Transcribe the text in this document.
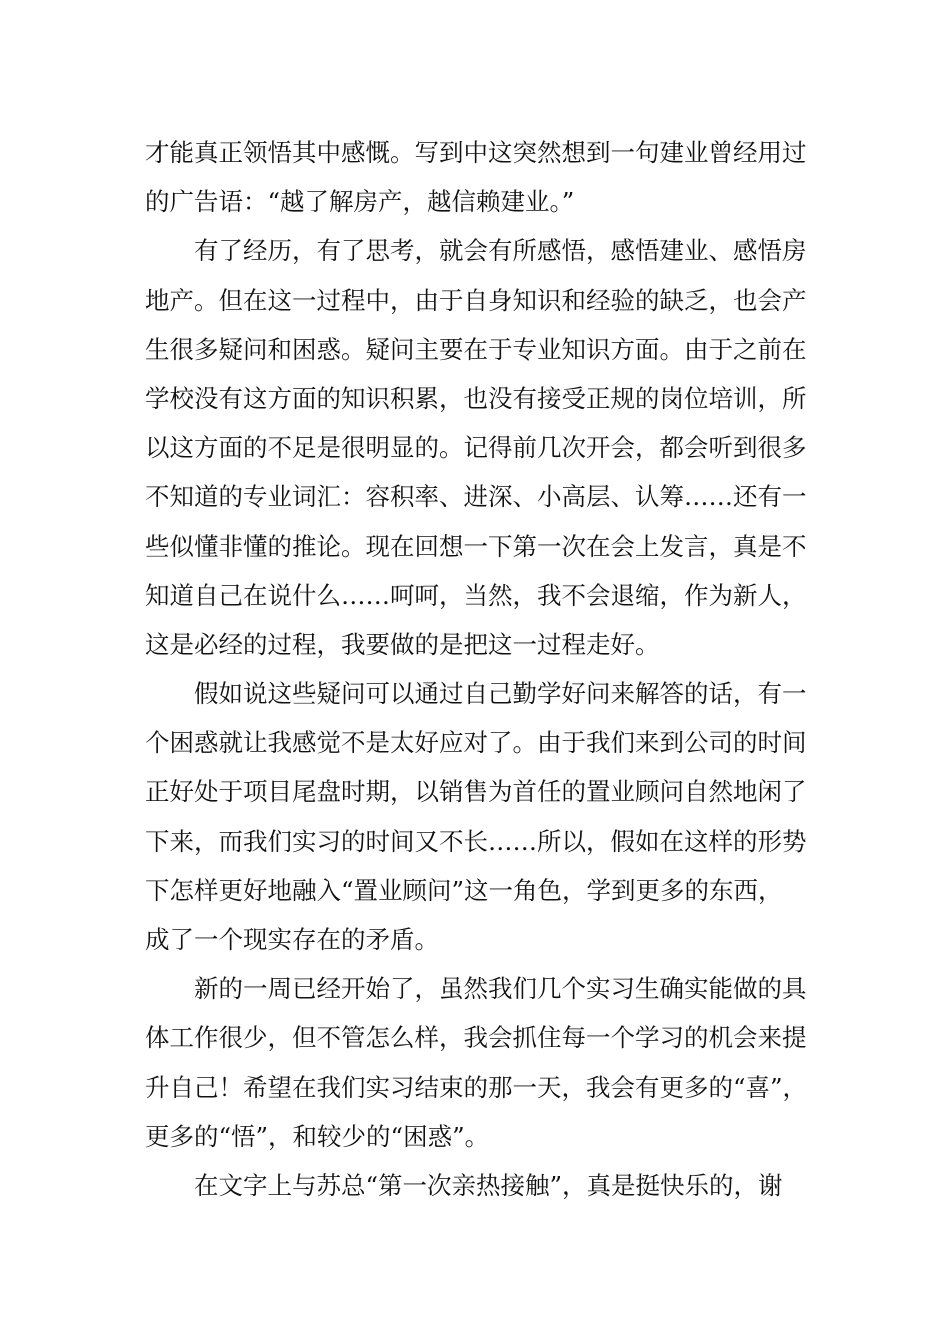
才能真正领悟其中感慨。写到中这突然想到一句建业曾经用过
的广告语：“越了解房产，越信赖建业。”
有了经历，有了思考，就会有所感悟，感悟建业、感悟房
地产。但在这一过程中，由于自身知识和经验的缺乏，也会产
生很多疑问和困惑。疑问主要在于专业知识方面。由于之前在
学校没有这方面的知识积累，也没有接受正规的岗位培训，所
以这方面的不足是很明显的。记得前几次开会，都会听到很多
不知道的专业词汇：容积率、进深、小高层、认筹……还有一
些似懂非懂的推论。现在回想一下第一次在会上发言，真是不
知道自己在说什么……呵呵，当然，我不会退缩，作为新人，
这是必经的过程，我要做的是把这一过程走好。
假如说这些疑问可以通过自己勤学好问来解答的话，有一
个困惑就让我感觉不是太好应对了。由于我们来到公司的时间
正好处于项目尾盘时期，以销售为首任的置业顾问自然地闲了
下来，而我们实习的时间又不长……所以，假如在这样的形势
下怎样更好地融入“置业顾问”这一角色，学到更多的东西，
成了一个现实存在的矛盾。
新的一周已经开始了，虽然我们几个实习生确实能做的具
体工作很少，但不管怎么样，我会抓住每一个学习的机会来提
升自己！希望在我们实习结束的那一天，我会有更多的“喜”，
更多的“悟”，和较少的“困惑”。
在文字上与苏总“第一次亲热接触”，真是挺快乐的，谢
